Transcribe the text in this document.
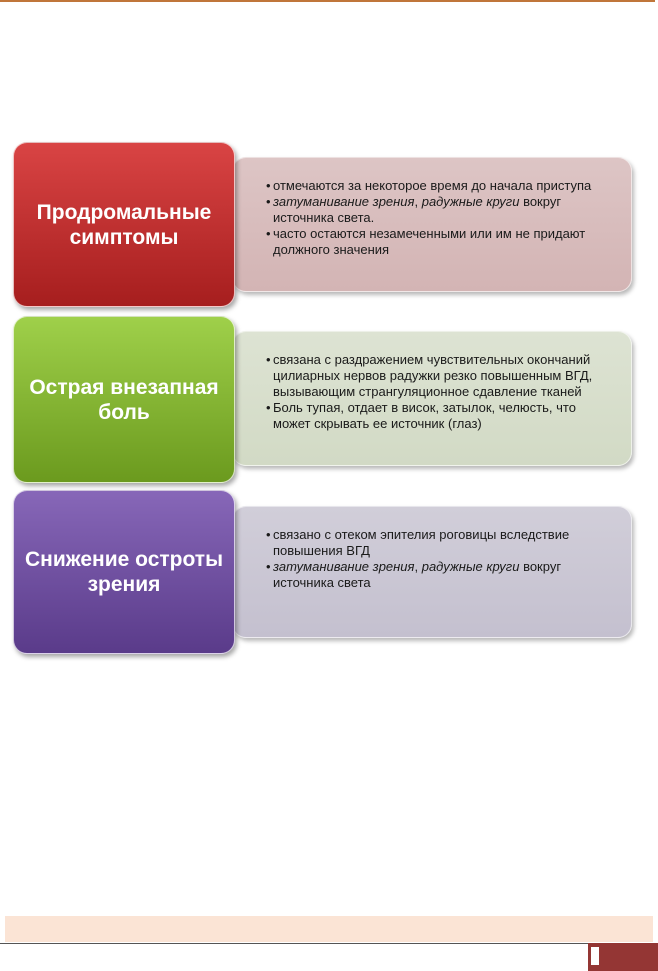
• отмечаются за некоторое время до начала приступа
• затуманивание зрения, радужные круги вокруг источника света.
• часто остаются незамеченными или им не придают должного значения
Продромальные симптомы
• связана с раздражением чувствительных окончаний цилиарных нервов радужки резко повышенным ВГД, вызывающим странгуляционное сдавление тканей
• Боль тупая, отдает в висок, затылок, челюсть, что может скрывать ее источник (глаз)
Острая внезапная боль
• связано с отеком эпителия роговицы вследствие повышения ВГД
• затуманивание зрения, радужные круги вокруг источника света
Снижение остроты зрения
